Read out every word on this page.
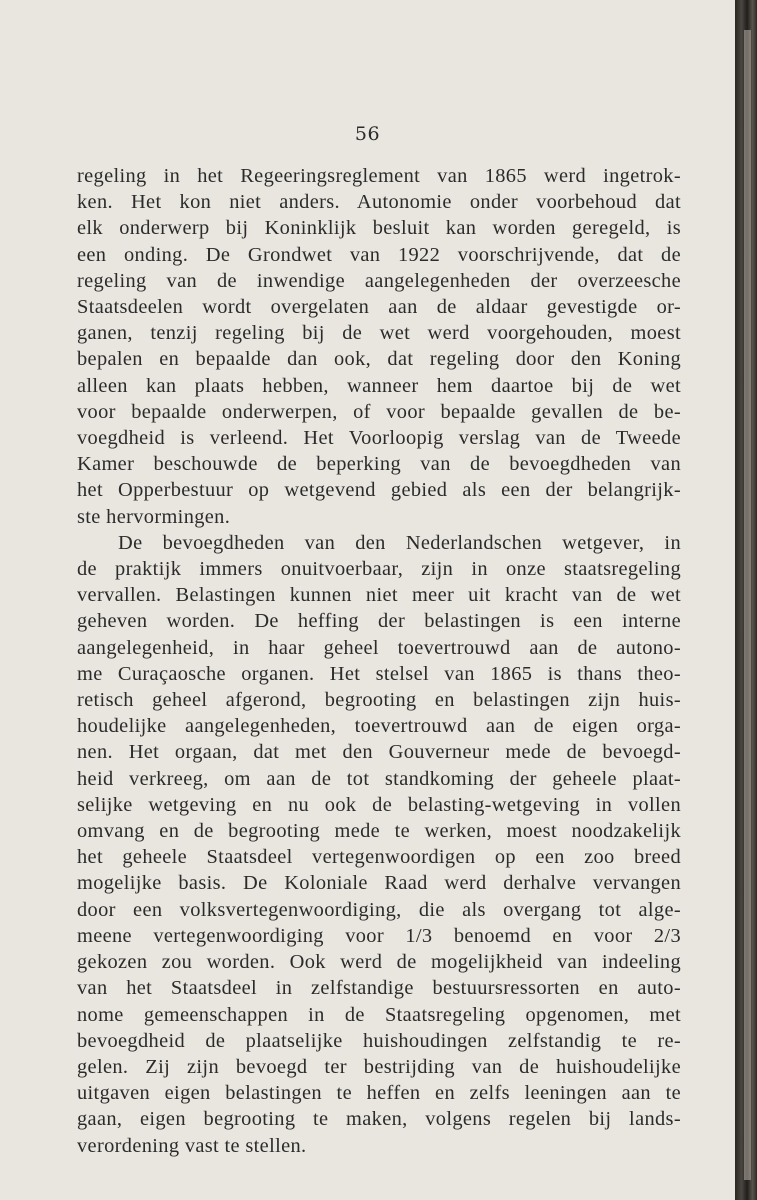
56
regeling in het Regeeringsreglement van 1865 werd ingetrok-
ken. Het kon niet anders. Autonomie onder voorbehoud dat
elk onderwerp bij Koninklijk besluit kan worden geregeld, is
een onding. De Grondwet van 1922 voorschrijvende, dat de
regeling van de inwendige aangelegenheden der overzeesche
Staatsdeelen wordt overgelaten aan de aldaar gevestigde or-
ganen, tenzij regeling bij de wet werd voorgehouden, moest
bepalen en bepaalde dan ook, dat regeling door den Koning
alleen kan plaats hebben, wanneer hem daartoe bij de wet
voor bepaalde onderwerpen, of voor bepaalde gevallen de be-
voegdheid is verleend. Het Voorloopig verslag van de Tweede
Kamer beschouwde de beperking van de bevoegdheden van
het Opperbestuur op wetgevend gebied als een der belangrijk-
ste hervormingen.
De bevoegdheden van den Nederlandschen wetgever, in
de praktijk immers onuitvoerbaar, zijn in onze staatsregeling
vervallen. Belastingen kunnen niet meer uit kracht van de wet
geheven worden. De heffing der belastingen is een interne
aangelegenheid, in haar geheel toevertrouwd aan de autono-
me Curaçaosche organen. Het stelsel van 1865 is thans theo-
retisch geheel afgerond, begrooting en belastingen zijn huis-
houdelijke aangelegenheden, toevertrouwd aan de eigen orga-
nen. Het orgaan, dat met den Gouverneur mede de bevoegd-
heid verkreeg, om aan de tot standkoming der geheele plaat-
selijke wetgeving en nu ook de belasting-wetgeving in vollen
omvang en de begrooting mede te werken, moest noodzakelijk
het geheele Staatsdeel vertegenwoordigen op een zoo breed
mogelijke basis. De Koloniale Raad werd derhalve vervangen
door een volksvertegenwoordiging, die als overgang tot alge-
meene vertegenwoordiging voor 1/3 benoemd en voor 2/3
gekozen zou worden. Ook werd de mogelijkheid van indeeling
van het Staatsdeel in zelfstandige bestuursressorten en auto-
nome gemeenschappen in de Staatsregeling opgenomen, met
bevoegdheid de plaatselijke huishoudingen zelfstandig te re-
gelen. Zij zijn bevoegd ter bestrijding van de huishoudelijke
uitgaven eigen belastingen te heffen en zelfs leeningen aan te
gaan, eigen begrooting te maken, volgens regelen bij lands-
verordening vast te stellen.
